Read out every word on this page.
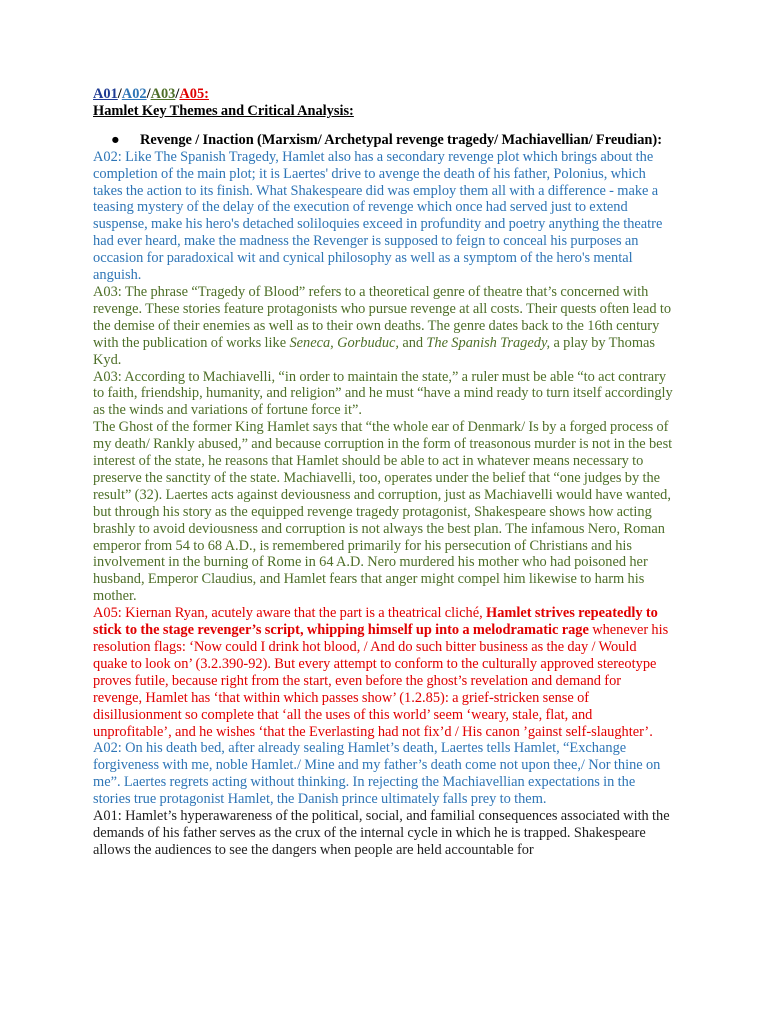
A01/A02/A03/A05:
Hamlet Key Themes and Critical Analysis:
●	Revenge / Inaction (Marxism/ Archetypal revenge tragedy/ Machiavellian/ Freudian):

A02: Like The Spanish Tragedy, Hamlet also has a secondary revenge plot which brings about the completion of the main plot; it is Laertes' drive to avenge the death of his father, Polonius, which takes the action to its finish. What Shakespeare did was employ them all with a difference - make a teasing mystery of the delay of the execution of revenge which once had served just to extend suspense, make his hero's detached soliloquies exceed in profundity and poetry anything the theatre had ever heard, make the madness the Revenger is supposed to feign to conceal his purposes an occasion for paradoxical wit and cynical philosophy as well as a symptom of the hero's mental anguish.

A03: The phrase “Tragedy of Blood” refers to a theoretical genre of theatre that’s concerned with revenge. These stories feature protagonists who pursue revenge at all costs. Their quests often lead to the demise of their enemies as well as to their own deaths. The genre dates back to the 16th century with the publication of works like Seneca, Gorbuduc, and The Spanish Tragedy, a play by Thomas Kyd.

A03: According to Machiavelli, “in order to maintain the state,” a ruler must be able “to act contrary to faith, friendship, humanity, and religion” and he must “have a mind ready to turn itself accordingly as the winds and variations of fortune force it”.

The Ghost of the former King Hamlet says that “the whole ear of Denmark/ Is by a forged process of my death/ Rankly abused,” and because corruption in the form of treasonous murder is not in the best interest of the state, he reasons that Hamlet should be able to act in whatever means necessary to preserve the sanctity of the state. Machiavelli, too, operates under the belief that “one judges by the result” (32). Laertes acts against deviousness and corruption, just as Machiavelli would have wanted, but through his story as the equipped revenge tragedy protagonist, Shakespeare shows how acting brashly to avoid deviousness and corruption is not always the best plan. The infamous Nero, Roman emperor from 54 to 68 A.D., is remembered primarily for his persecution of Christians and his involvement in the burning of Rome in 64 A.D. Nero murdered his mother who had poisoned her husband, Emperor Claudius, and Hamlet fears that anger might compel him likewise to harm his mother.

A05: Kiernan Ryan, acutely aware that the part is a theatrical cliché, Hamlet strives repeatedly to stick to the stage revenger’s script, whipping himself up into a melodramatic rage whenever his resolution flags: ‘Now could I drink hot blood, / And do such bitter business as the day / Would quake to look on’ (3.2.390-92). But every attempt to conform to the culturally approved stereotype proves futile, because right from the start, even before the ghost’s revelation and demand for revenge, Hamlet has ‘that within which passes show’ (1.2.85): a grief-stricken sense of disillusionment so complete that ‘all the uses of this world’ seem ‘weary, stale, flat, and unprofitable’, and he wishes ‘that the Everlasting had not fix’d / His canon ’gainst self-slaughter’.

A02: On his death bed, after already sealing Hamlet’s death, Laertes tells Hamlet, “Exchange forgiveness with me, noble Hamlet./ Mine and my father’s death come not upon thee,/ Nor thine on me”. Laertes regrets acting without thinking. In rejecting the Machiavellian expectations in the stories true protagonist Hamlet, the Danish prince ultimately falls prey to them.

A01: Hamlet’s hyperawareness of the political, social, and familial consequences associated with the demands of his father serves as the crux of the internal cycle in which he is trapped. Shakespeare allows the audiences to see the dangers when people are held accountable for
